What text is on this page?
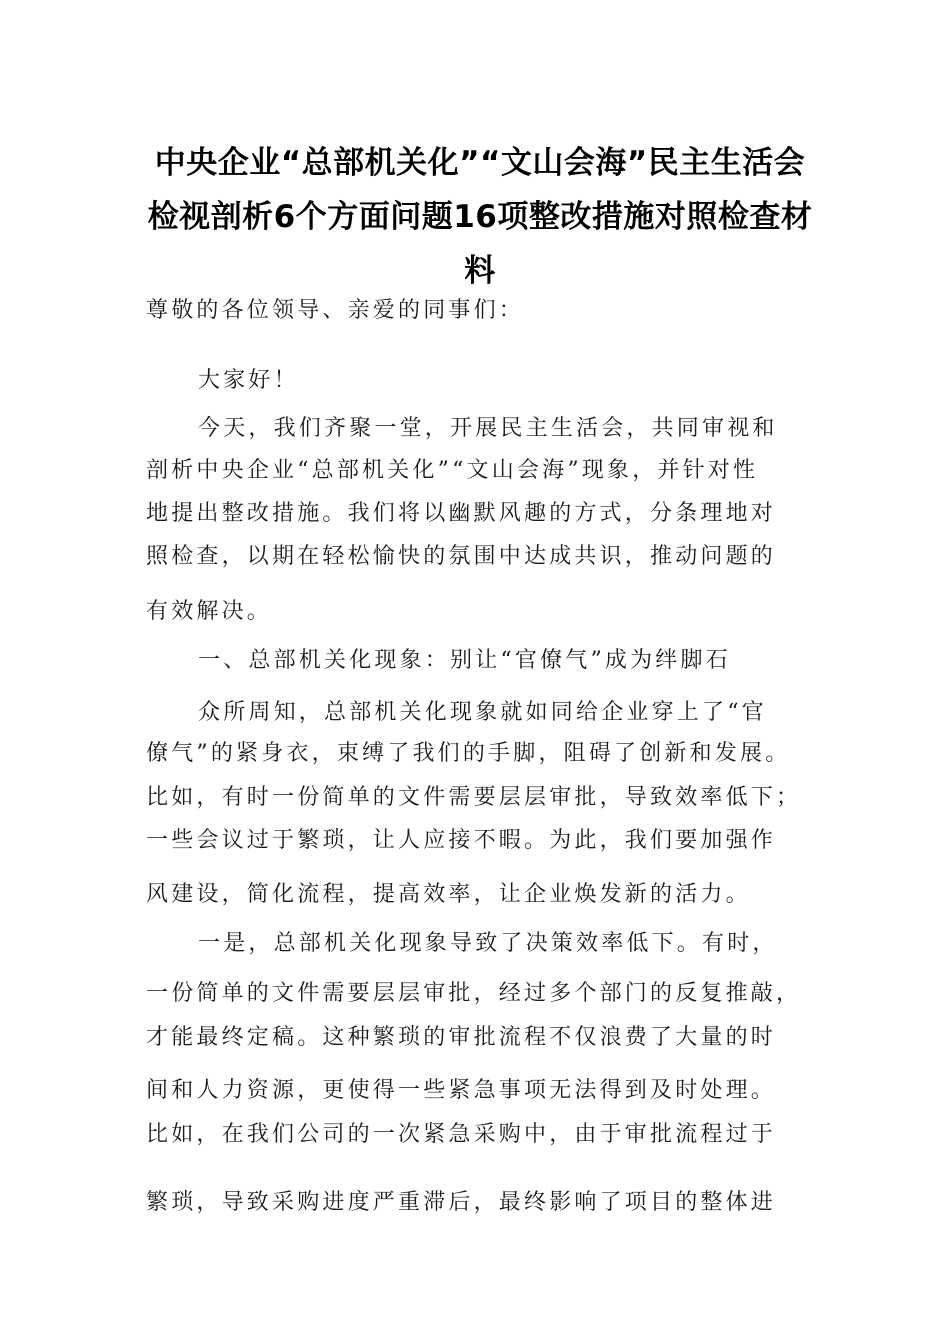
中央企业“总部机关化”“文山会海”民主生活会检视剖析6个方面问题16项整改措施对照检查材料

尊敬的各位领导、亲爱的同事们：

大家好！

今天，我们齐聚一堂，开展民主生活会，共同审视和

剖析中央企业“总部机关化”“文山会海”现象，并针对性

地提出整改措施。我们将以幽默风趣的方式，分条理地对

照检查，以期在轻松愉快的氛围中达成共识，推动问题的

有效解决。

一、总部机关化现象：别让“官僚气”成为绊脚石

众所周知，总部机关化现象就如同给企业穿上了“官

僚气”的紧身衣，束缚了我们的手脚，阻碍了创新和发展。

比如，有时一份简单的文件需要层层审批，导致效率低下；

一些会议过于繁琐，让人应接不暇。为此，我们要加强作

风建设，简化流程，提高效率，让企业焕发新的活力。

一是，总部机关化现象导致了决策效率低下。有时，

一份简单的文件需要层层审批，经过多个部门的反复推敲，

才能最终定稿。这种繁琐的审批流程不仅浪费了大量的时

间和人力资源，更使得一些紧急事项无法得到及时处理。

比如，在我们公司的一次紧急采购中，由于审批流程过于

繁琐，导致采购进度严重滞后，最终影响了项目的整体进
